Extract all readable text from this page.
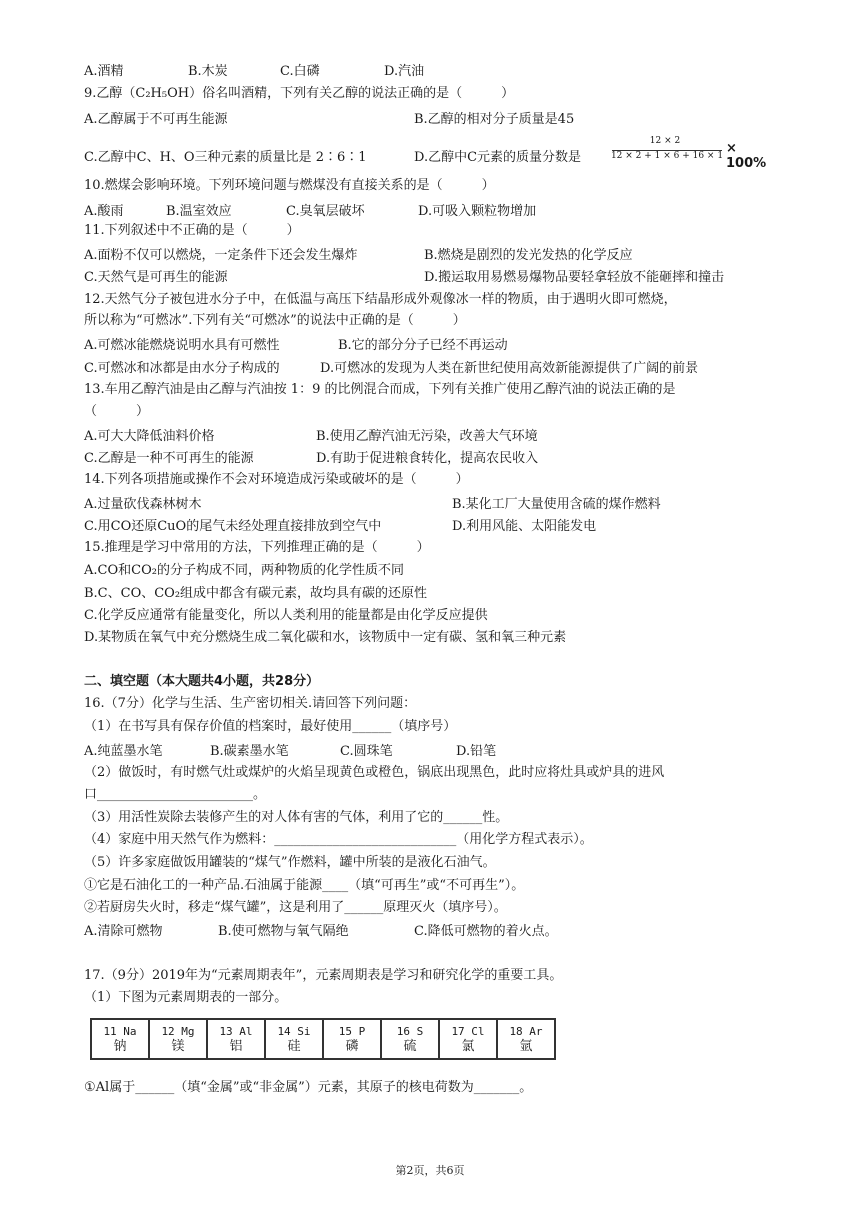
A.酒精	B.木炭	C.白磷	D.汽油
9.乙醇（C₂H₅OH）俗名叫酒精，下列有关乙醇的说法正确的是（　　　）
A.乙醇属于不可再生能源	B.乙醇的相对分子质量是45
C.乙醇中C、H、O三种元素的质量比是 2∶6∶1	D.乙醇中C元素的质量分数是
12 × 2
12 × 2 + 1 × 6 + 16 × 1 × 100%
10.燃煤会影响环境。下列环境问题与燃煤没有直接关系的是（　　　）
A.酸雨	B.温室效应	C.臭氧层破坏	D.可吸入颗粒物增加
11.下列叙述中不正确的是（　　　）
A.面粉不仅可以燃烧，一定条件下还会发生爆炸	B.燃烧是剧烈的发光发热的化学反应
C.天然气是可再生的能源	D.搬运取用易燃易爆物品要轻拿轻放不能砸摔和撞击
12.天然气分子被包进水分子中，在低温与高压下结晶形成外观像冰一样的物质，由于遇明火即可燃烧，
所以称为“可燃冰”.下列有关“可燃冰”的说法中正确的是（　　　）
A.可燃冰能燃烧说明水具有可燃性	B.它的部分分子已经不再运动
C.可燃冰和冰都是由水分子构成的	D.可燃冰的发现为人类在新世纪使用高效新能源提供了广阔的前景
13.车用乙醇汽油是由乙醇与汽油按 1：9 的比例混合而成，下列有关推广使用乙醇汽油的说法正确的是
（　　　）
A.可大大降低油料价格	B.使用乙醇汽油无污染，改善大气环境
C.乙醇是一种不可再生的能源	D.有助于促进粮食转化，提高农民收入
14.下列各项措施或操作不会对环境造成污染或破坏的是（　　　）
A.过量砍伐森林树木	B.某化工厂大量使用含硫的煤作燃料
C.用CO还原CuO的尾气未经处理直接排放到空气中	D.利用风能、太阳能发电
15.推理是学习中常用的方法，下列推理正确的是（　　　）
A.CO和CO₂的分子构成不同，两种物质的化学性质不同
B.C、CO、CO₂组成中都含有碳元素，故均具有碳的还原性
C.化学反应通常有能量变化，所以人类利用的能量都是由化学反应提供
D.某物质在氧气中充分燃烧生成二氧化碳和水，该物质中一定有碳、氢和氧三种元素
二、填空题（本大题共4小题，共28分）
16.（7分）化学与生活、生产密切相关.请回答下列问题：
（1）在书写具有保存价值的档案时，最好使用______（填序号）
A.纯蓝墨水笔	B.碳素墨水笔	C.圆珠笔	D.铅笔
（2）做饭时，有时燃气灶或煤炉的火焰呈现黄色或橙色，锅底出现黑色，此时应将灶具或炉具的进风
口________________________。
（3）用活性炭除去装修产生的对人体有害的气体，利用了它的______性。
（4）家庭中用天然气作为燃料：____________________________（用化学方程式表示）。
（5）许多家庭做饭用罐装的“煤气”作燃料，罐中所装的是液化石油气。
①它是石油化工的一种产品.石油属于能源____（填“可再生”或“不可再生”）。
②若厨房失火时，移走“煤气罐”，这是利用了______原理灭火（填序号）。
A.清除可燃物	B.使可燃物与氧气隔绝	C.降低可燃物的着火点。
17.（9分）2019年为“元素周期表年”，元素周期表是学习和研究化学的重要工具。
（1）下图为元素周期表的一部分。
11 Na
钠

12 Mg
镁

13 Al
铝

14 Si
硅

15 P
磷

16 S
硫

17 Cl
氯

18 Ar
氩
①Al属于______（填“金属”或“非金属”）元素，其原子的核电荷数为_______。
第2页，共6页
